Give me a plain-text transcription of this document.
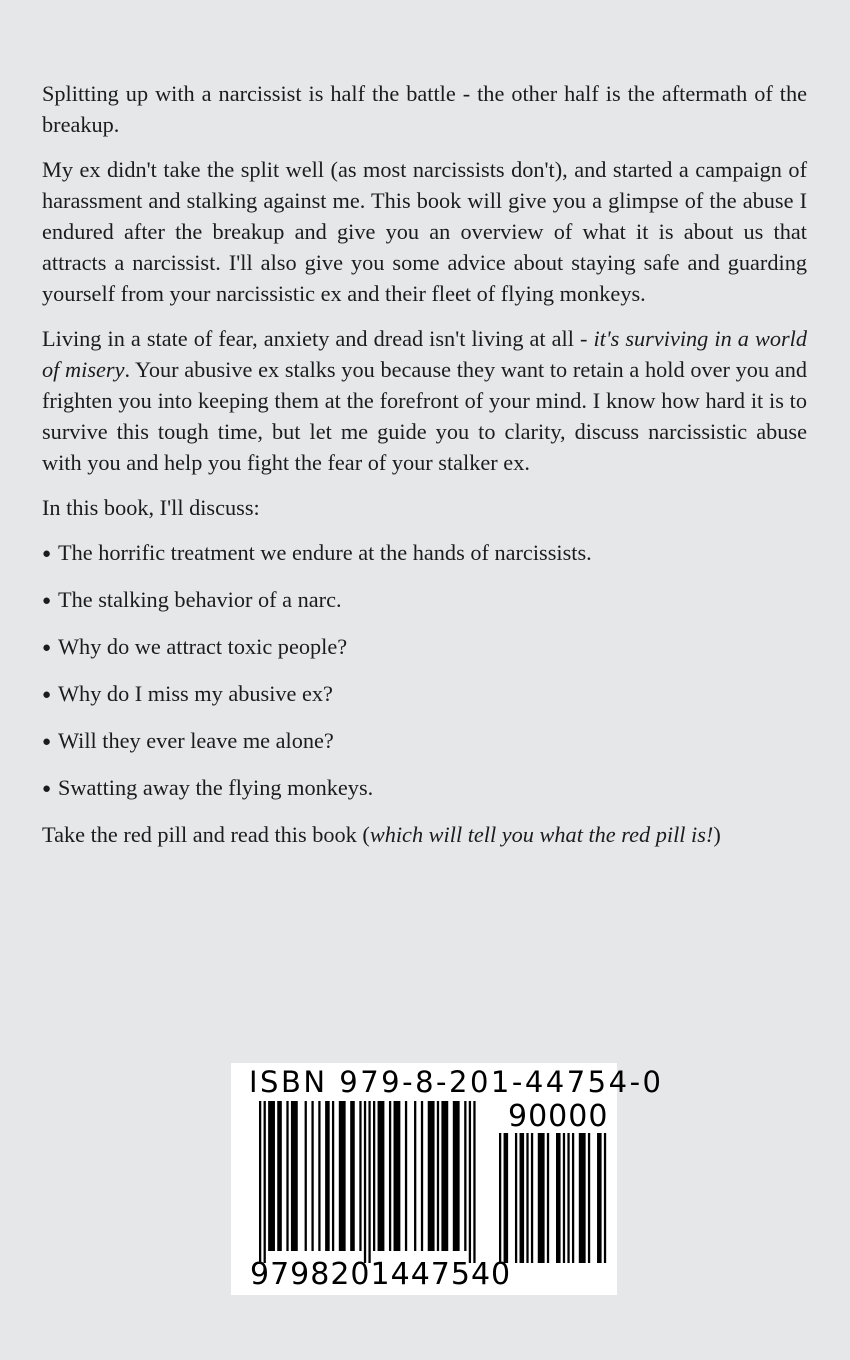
Splitting up with a narcissist is half the battle - the other half is the aftermath of the breakup.

My ex didn't take the split well (as most narcissists don't), and started a campaign of harassment and stalking against me. This book will give you a glimpse of the abuse I endured after the breakup and give you an overview of what it is about us that attracts a narcissist. I'll also give you some advice about staying safe and guarding yourself from your narcissistic ex and their fleet of flying monkeys.

Living in a state of fear, anxiety and dread isn't living at all - it's surviving in a world of misery. Your abusive ex stalks you because they want to retain a hold over you and frighten you into keeping them at the forefront of your mind. I know how hard it is to survive this tough time, but let me guide you to clarity, discuss narcissistic abuse with you and help you fight the fear of your stalker ex.

In this book, I'll discuss:

● The horrific treatment we endure at the hands of narcissists.
● The stalking behavior of a narc.
● Why do we attract toxic people?
● Why do I miss my abusive ex?
● Will they ever leave me alone?
● Swatting away the flying monkeys.

Take the red pill and read this book (which will tell you what the red pill is!)

ISBN 979-8-201-44754-0
90000
9798201447540
